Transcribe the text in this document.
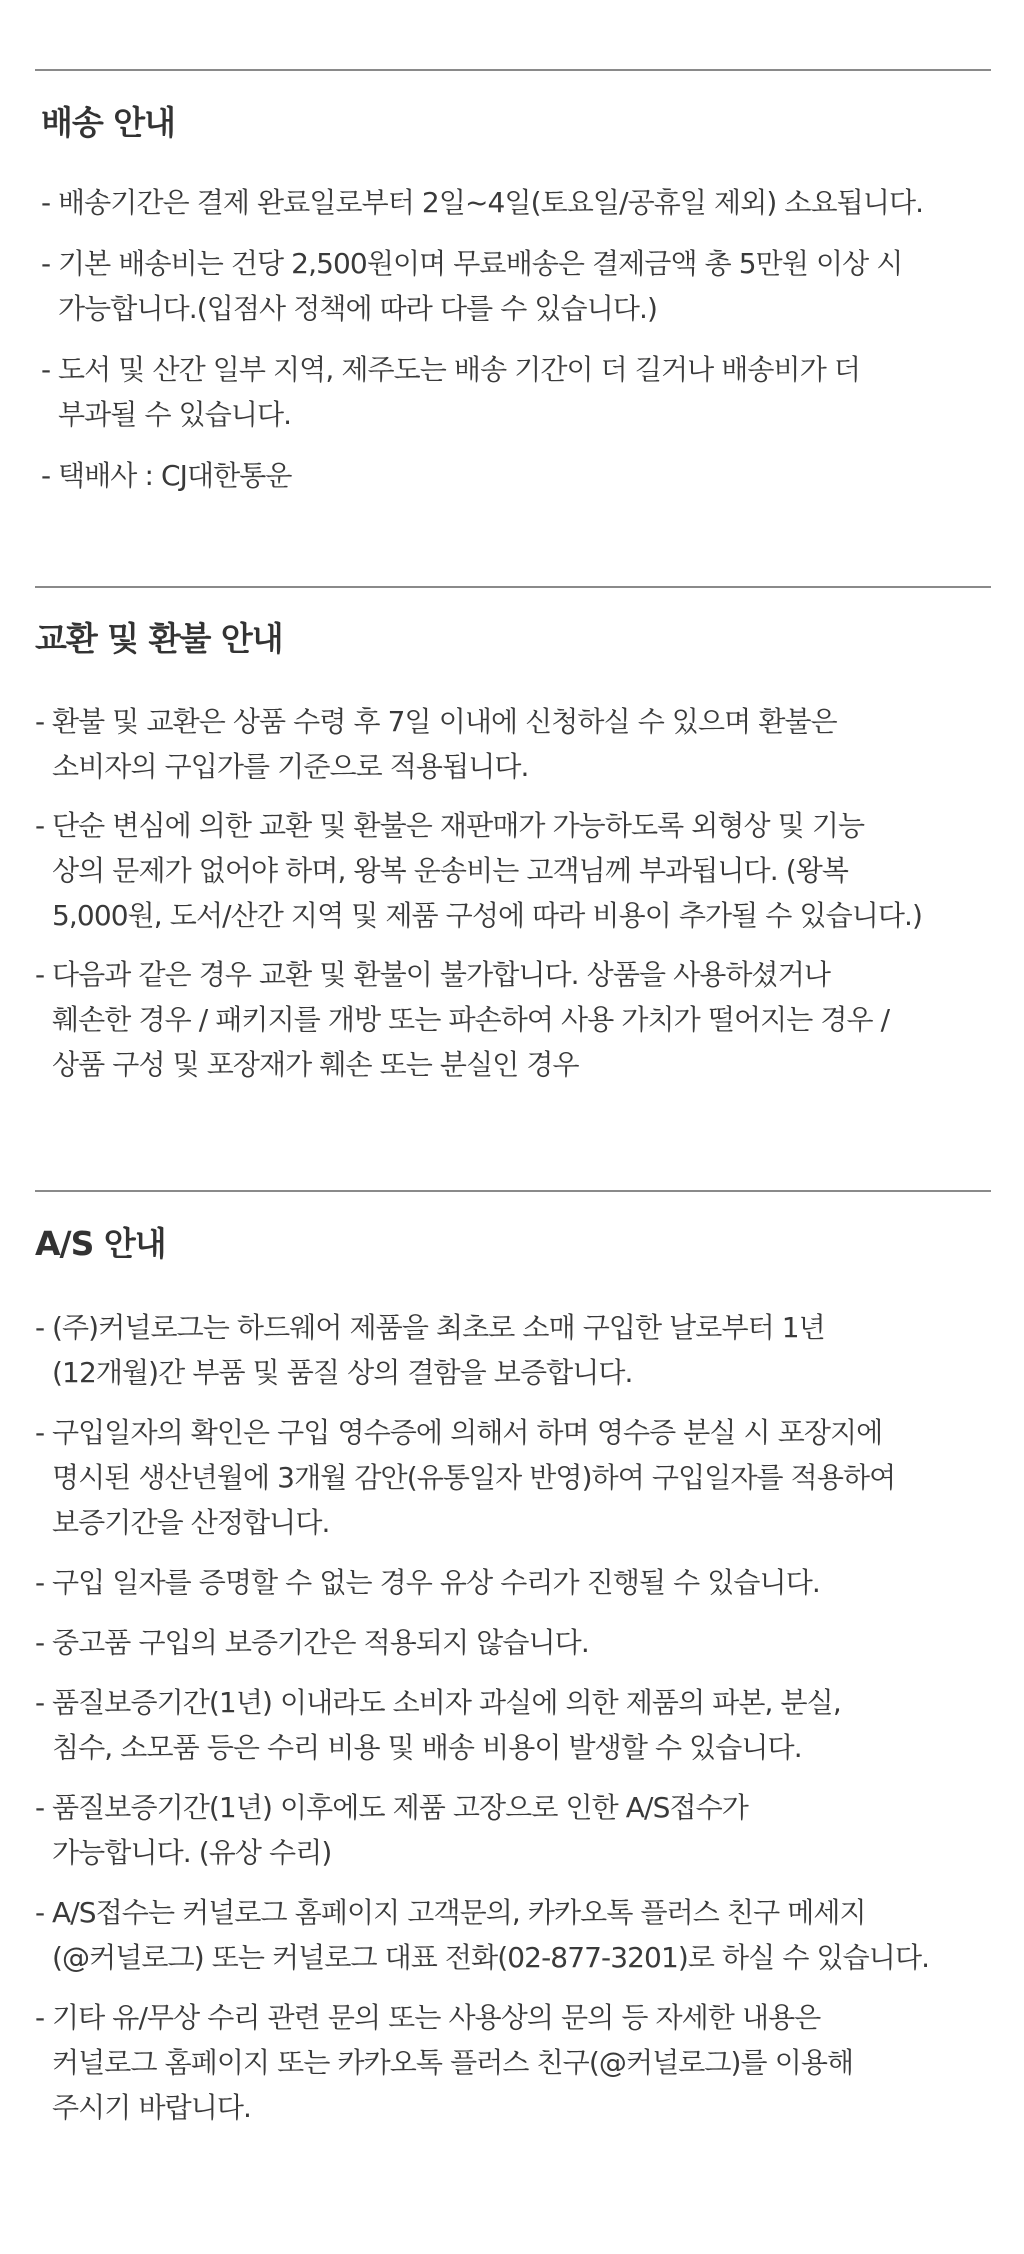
배송 안내
- 배송기간은 결제 완료일로부터 2일~4일(토요일/공휴일 제외) 소요됩니다.
- 기본 배송비는 건당 2,500원이며 무료배송은 결제금액 총 5만원 이상 시
가능합니다.(입점사 정책에 따라 다를 수 있습니다.)
- 도서 및 산간 일부 지역, 제주도는 배송 기간이 더 길거나 배송비가 더
부과될 수 있습니다.
- 택배사 : CJ대한통운
교환 및 환불 안내
- 환불 및 교환은 상품 수령 후 7일 이내에 신청하실 수 있으며 환불은
소비자의 구입가를 기준으로 적용됩니다.
- 단순 변심에 의한 교환 및 환불은 재판매가 가능하도록 외형상 및 기능
상의 문제가 없어야 하며, 왕복 운송비는 고객님께 부과됩니다. (왕복
5,000원, 도서/산간 지역 및 제품 구성에 따라 비용이 추가될 수 있습니다.)
- 다음과 같은 경우 교환 및 환불이 불가합니다. 상품을 사용하셨거나
훼손한 경우 / 패키지를 개방 또는 파손하여 사용 가치가 떨어지는 경우 /
상품 구성 및 포장재가 훼손 또는 분실인 경우
A/S 안내
- (주)커널로그는 하드웨어 제품을 최초로 소매 구입한 날로부터 1년
(12개월)간 부품 및 품질 상의 결함을 보증합니다.
- 구입일자의 확인은 구입 영수증에 의해서 하며 영수증 분실 시 포장지에
명시된 생산년월에 3개월 감안(유통일자 반영)하여 구입일자를 적용하여
보증기간을 산정합니다.
- 구입 일자를 증명할 수 없는 경우 유상 수리가 진행될 수 있습니다.
- 중고품 구입의 보증기간은 적용되지 않습니다.
- 품질보증기간(1년) 이내라도 소비자 과실에 의한 제품의 파본, 분실,
침수, 소모품 등은 수리 비용 및 배송 비용이 발생할 수 있습니다.
- 품질보증기간(1년) 이후에도 제품 고장으로 인한 A/S접수가
가능합니다. (유상 수리)
- A/S접수는 커널로그 홈페이지 고객문의, 카카오톡 플러스 친구 메세지
(@커널로그) 또는 커널로그 대표 전화(02-877-3201)로 하실 수 있습니다.
- 기타 유/무상 수리 관련 문의 또는 사용상의 문의 등 자세한 내용은
커널로그 홈페이지 또는 카카오톡 플러스 친구(@커널로그)를 이용해
주시기 바랍니다.
